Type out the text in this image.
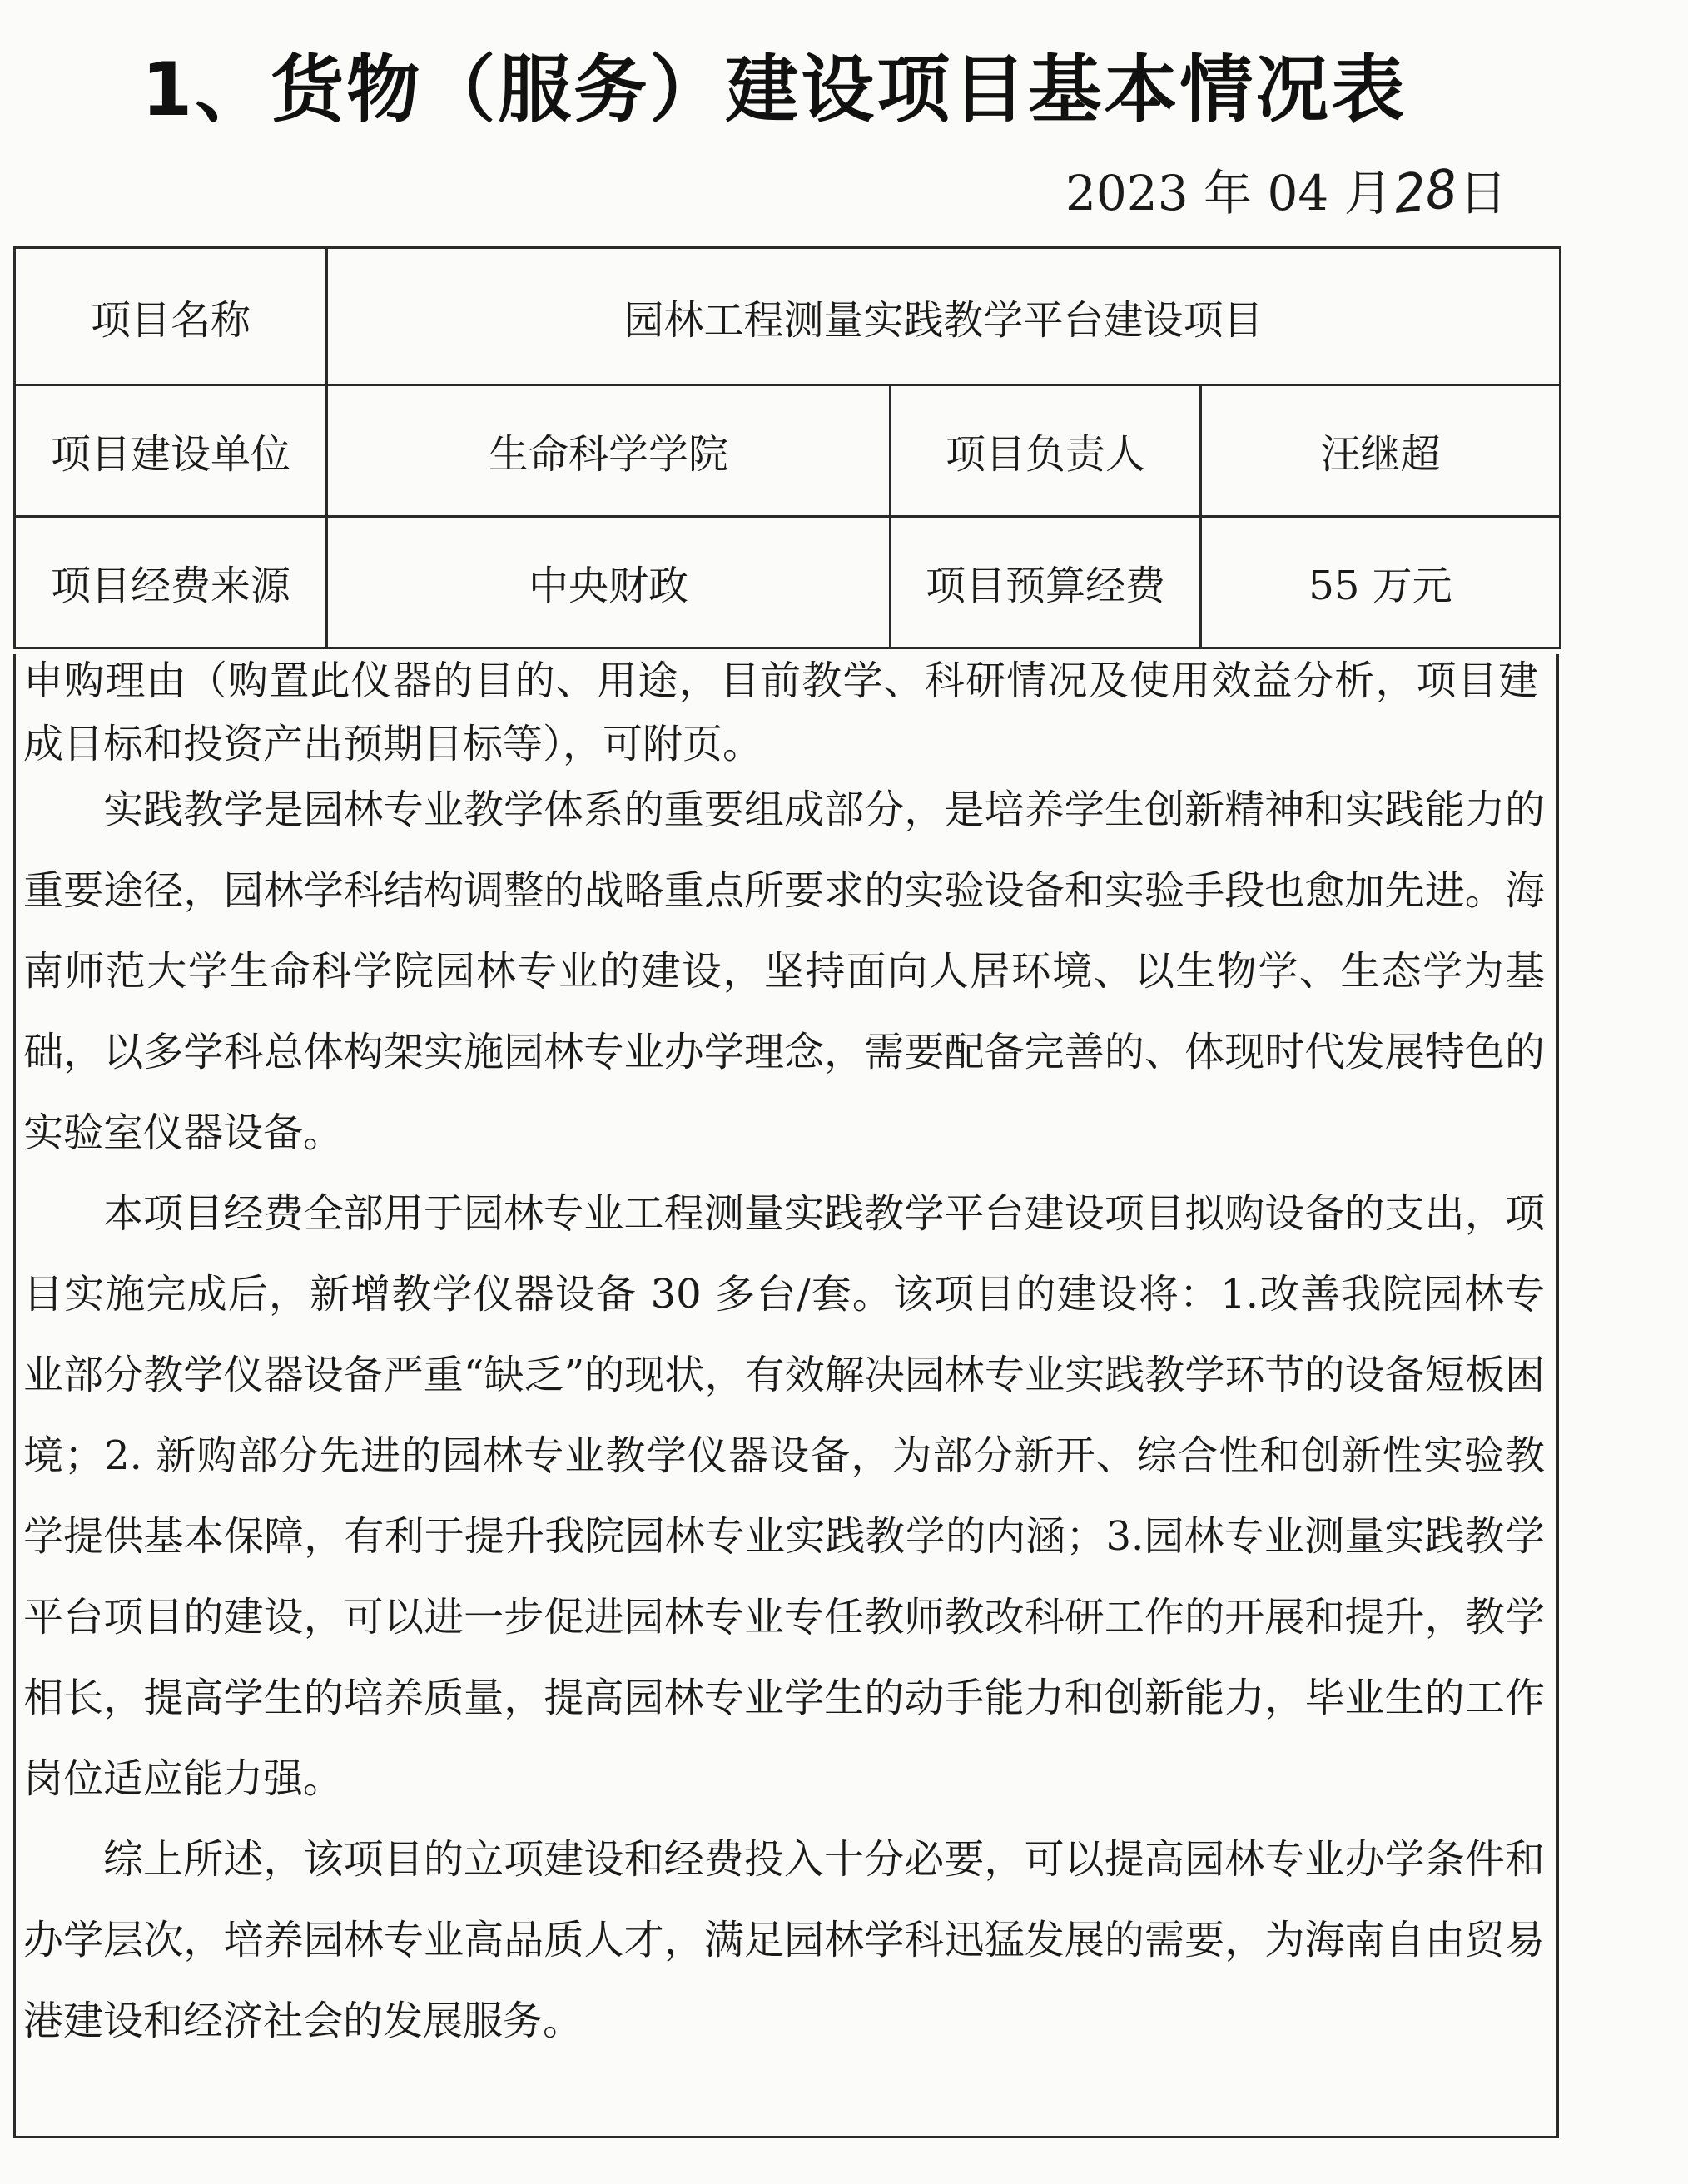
1、货物（服务）建设项目基本情况表
2023 年 04 月28日
项目名称	园林工程测量实践教学平台建设项目		
项目建设单位	生命科学学院	项目负责人	汪继超
项目经费来源	中央财政	项目预算经费	55 万元
申购理由（购置此仪器的目的、用途，目前教学、科研情况及使用效益分析，项目建成目标和投资产出预期目标等），可附页。

实践教学是园林专业教学体系的重要组成部分，是培养学生创新精神和实践能力的重要途径，园林学科结构调整的战略重点所要求的实验设备和实验手段也愈加先进。海南师范大学生命科学院园林专业的建设，坚持面向人居环境、以生物学、生态学为基础，以多学科总体构架实施园林专业办学理念，需要配备完善的、体现时代发展特色的实验室仪器设备。

本项目经费全部用于园林专业工程测量实践教学平台建设项目拟购设备的支出，项目实施完成后，新增教学仪器设备 30 多台/套。该项目的建设将：1.改善我院园林专业部分教学仪器设备严重“缺乏”的现状，有效解决园林专业实践教学环节的设备短板困境；2. 新购部分先进的园林专业教学仪器设备，为部分新开、综合性和创新性实验教学提供基本保障，有利于提升我院园林专业实践教学的内涵；3.园林专业测量实践教学平台项目的建设，可以进一步促进园林专业专任教师教改科研工作的开展和提升，教学相长，提高学生的培养质量，提高园林专业学生的动手能力和创新能力，毕业生的工作岗位适应能力强。

综上所述，该项目的立项建设和经费投入十分必要，可以提高园林专业办学条件和办学层次，培养园林专业高品质人才，满足园林学科迅猛发展的需要，为海南自由贸易港建设和经济社会的发展服务。
